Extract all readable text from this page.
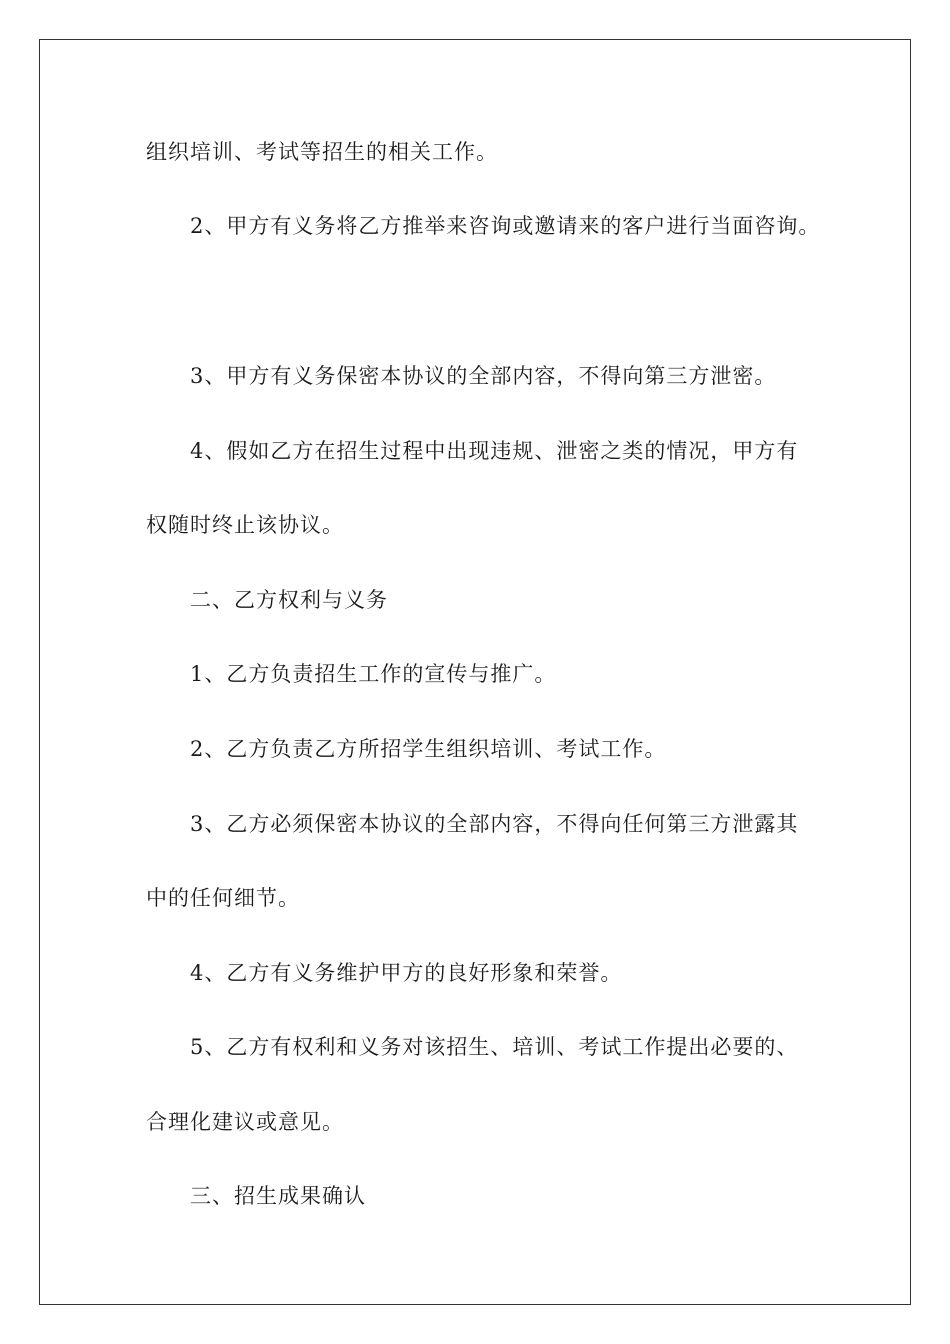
组织培训、考试等招生的相关工作。
2、甲方有义务将乙方推举来咨询或邀请来的客户进行当面咨询。
3、甲方有义务保密本协议的全部内容，不得向第三方泄密。
4、假如乙方在招生过程中出现违规、泄密之类的情况，甲方有
权随时终止该协议。
二、乙方权利与义务
1、乙方负责招生工作的宣传与推广。
2、乙方负责乙方所招学生组织培训、考试工作。
3、乙方必须保密本协议的全部内容，不得向任何第三方泄露其
中的任何细节。
4、乙方有义务维护甲方的良好形象和荣誉。
5、乙方有权利和义务对该招生、培训、考试工作提出必要的、
合理化建议或意见。
三、招生成果确认
